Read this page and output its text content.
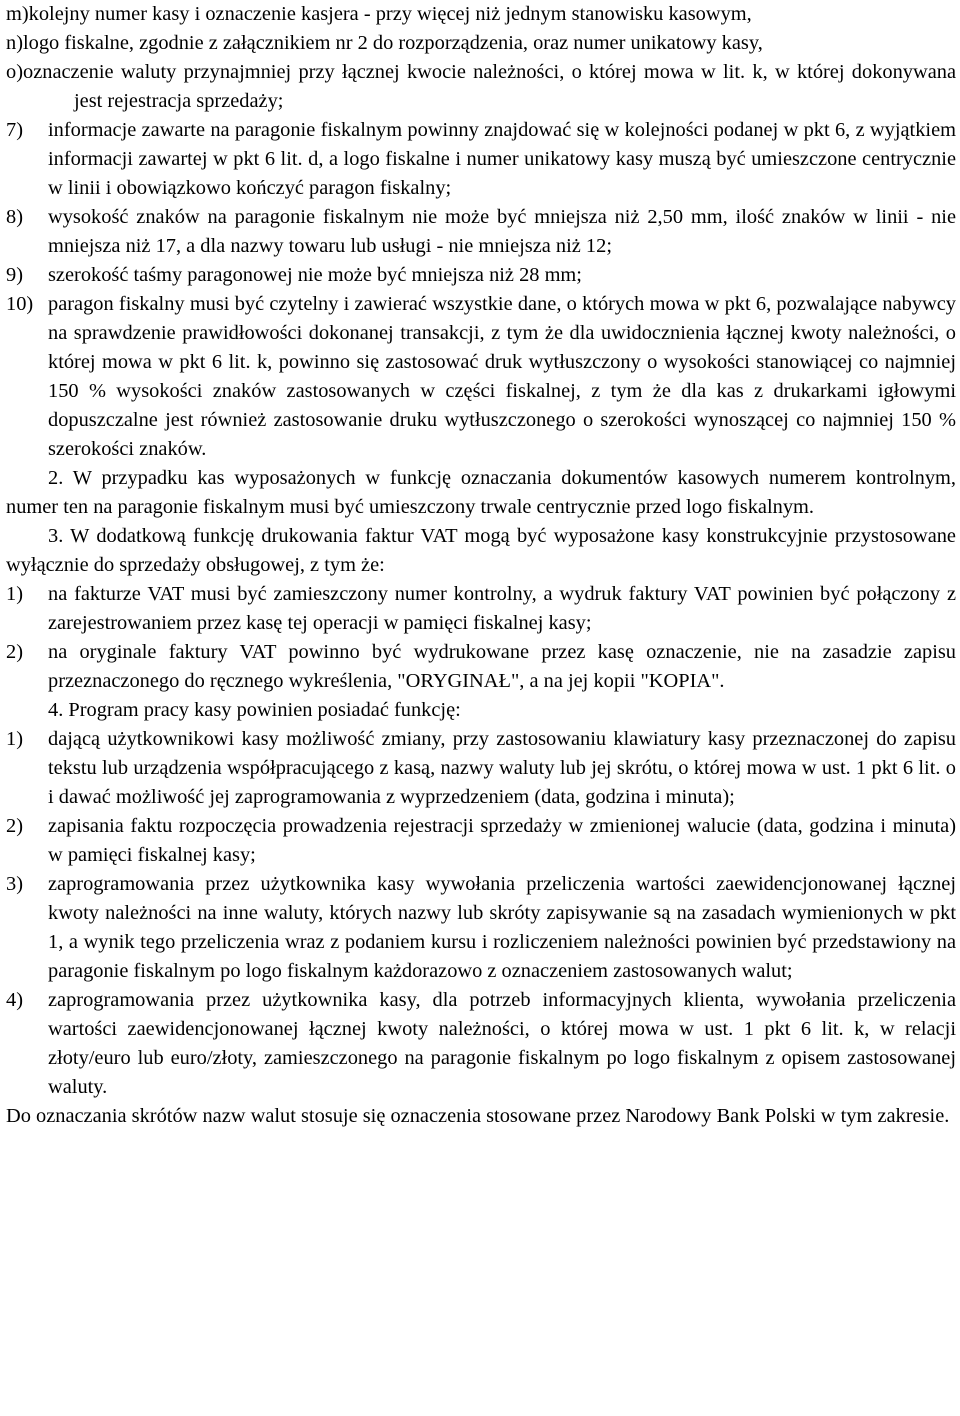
m)kolejny numer kasy i oznaczenie kasjera - przy więcej niż jednym stanowisku kasowym,
n)logo fiskalne, zgodnie z załącznikiem nr 2 do rozporządzenia, oraz numer unikatowy kasy,
o)oznaczenie waluty przynajmniej przy łącznej kwocie należności, o której mowa w lit. k, w której dokonywana jest rejestracja sprzedaży;
7) informacje zawarte na paragonie fiskalnym powinny znajdować się w kolejności podanej w pkt 6, z wyjątkiem informacji zawartej w pkt 6 lit. d, a logo fiskalne i numer unikatowy kasy muszą być umieszczone centrycznie w linii i obowiązkowo kończyć paragon fiskalny;

8) wysokość znaków na paragonie fiskalnym nie może być mniejsza niż 2,50 mm, ilość znaków w linii - nie mniejsza niż 17, a dla nazwy towaru lub usługi - nie mniejsza niż 12;

9) szerokość taśmy paragonowej nie może być mniejsza niż 28 mm;

10) paragon fiskalny musi być czytelny i zawierać wszystkie dane, o których mowa w pkt 6, pozwalające nabywcy na sprawdzenie prawidłowości dokonanej transakcji, z tym że dla uwidocznienia łącznej kwoty należności, o której mowa w pkt 6 lit. k, powinno się zastosować druk wytłuszczony o wysokości stanowiącej co najmniej 150 % wysokości znaków zastosowanych w części fiskalnej, z tym że dla kas z drukarkami igłowymi dopuszczalne jest również zastosowanie druku wytłuszczonego o szerokości wynoszącej co najmniej 150 % szerokości znaków.

2. W przypadku kas wyposażonych w funkcję oznaczania dokumentów kasowych numerem kontrolnym, numer ten na paragonie fiskalnym musi być umieszczony trwale centrycznie przed logo fiskalnym.

3. W dodatkową funkcję drukowania faktur VAT mogą być wyposażone kasy konstrukcyjnie przystosowane wyłącznie do sprzedaży obsługowej, z tym że:

1) na fakturze VAT musi być zamieszczony numer kontrolny, a wydruk faktury VAT powinien być połączony z zarejestrowaniem przez kasę tej operacji w pamięci fiskalnej kasy;

2) na oryginale faktury VAT powinno być wydrukowane przez kasę oznaczenie, nie na zasadzie zapisu przeznaczonego do ręcznego wykreślenia, "ORYGINAŁ", a na jej kopii "KOPIA".

4. Program pracy kasy powinien posiadać funkcję:

1) dającą użytkownikowi kasy możliwość zmiany, przy zastosowaniu klawiatury kasy przeznaczonej do zapisu tekstu lub urządzenia współpracującego z kasą, nazwy waluty lub jej skrótu, o której mowa w ust. 1 pkt 6 lit. o i dawać możliwość jej zaprogramowania z wyprzedzeniem (data, godzina i minuta);

2) zapisania faktu rozpoczęcia prowadzenia rejestracji sprzedaży w zmienionej walucie (data, godzina i minuta) w pamięci fiskalnej kasy;

3) zaprogramowania przez użytkownika kasy wywołania przeliczenia wartości zaewidencjonowanej łącznej kwoty należności na inne waluty, których nazwy lub skróty zapisywanie są na zasadach wymienionych w pkt 1, a wynik tego przeliczenia wraz z podaniem kursu i rozliczeniem należności powinien być przedstawiony na paragonie fiskalnym po logo fiskalnym każdorazowo z oznaczeniem zastosowanych walut;

4) zaprogramowania przez użytkownika kasy, dla potrzeb informacyjnych klienta, wywołania przeliczenia wartości zaewidencjonowanej łącznej kwoty należności, o której mowa w ust. 1 pkt 6 lit. k, w relacji złoty/euro lub euro/złoty, zamieszczonego na paragonie fiskalnym po logo fiskalnym z opisem zastosowanej waluty.

Do oznaczania skrótów nazw walut stosuje się oznaczenia stosowane przez Narodowy Bank Polski w tym zakresie.
